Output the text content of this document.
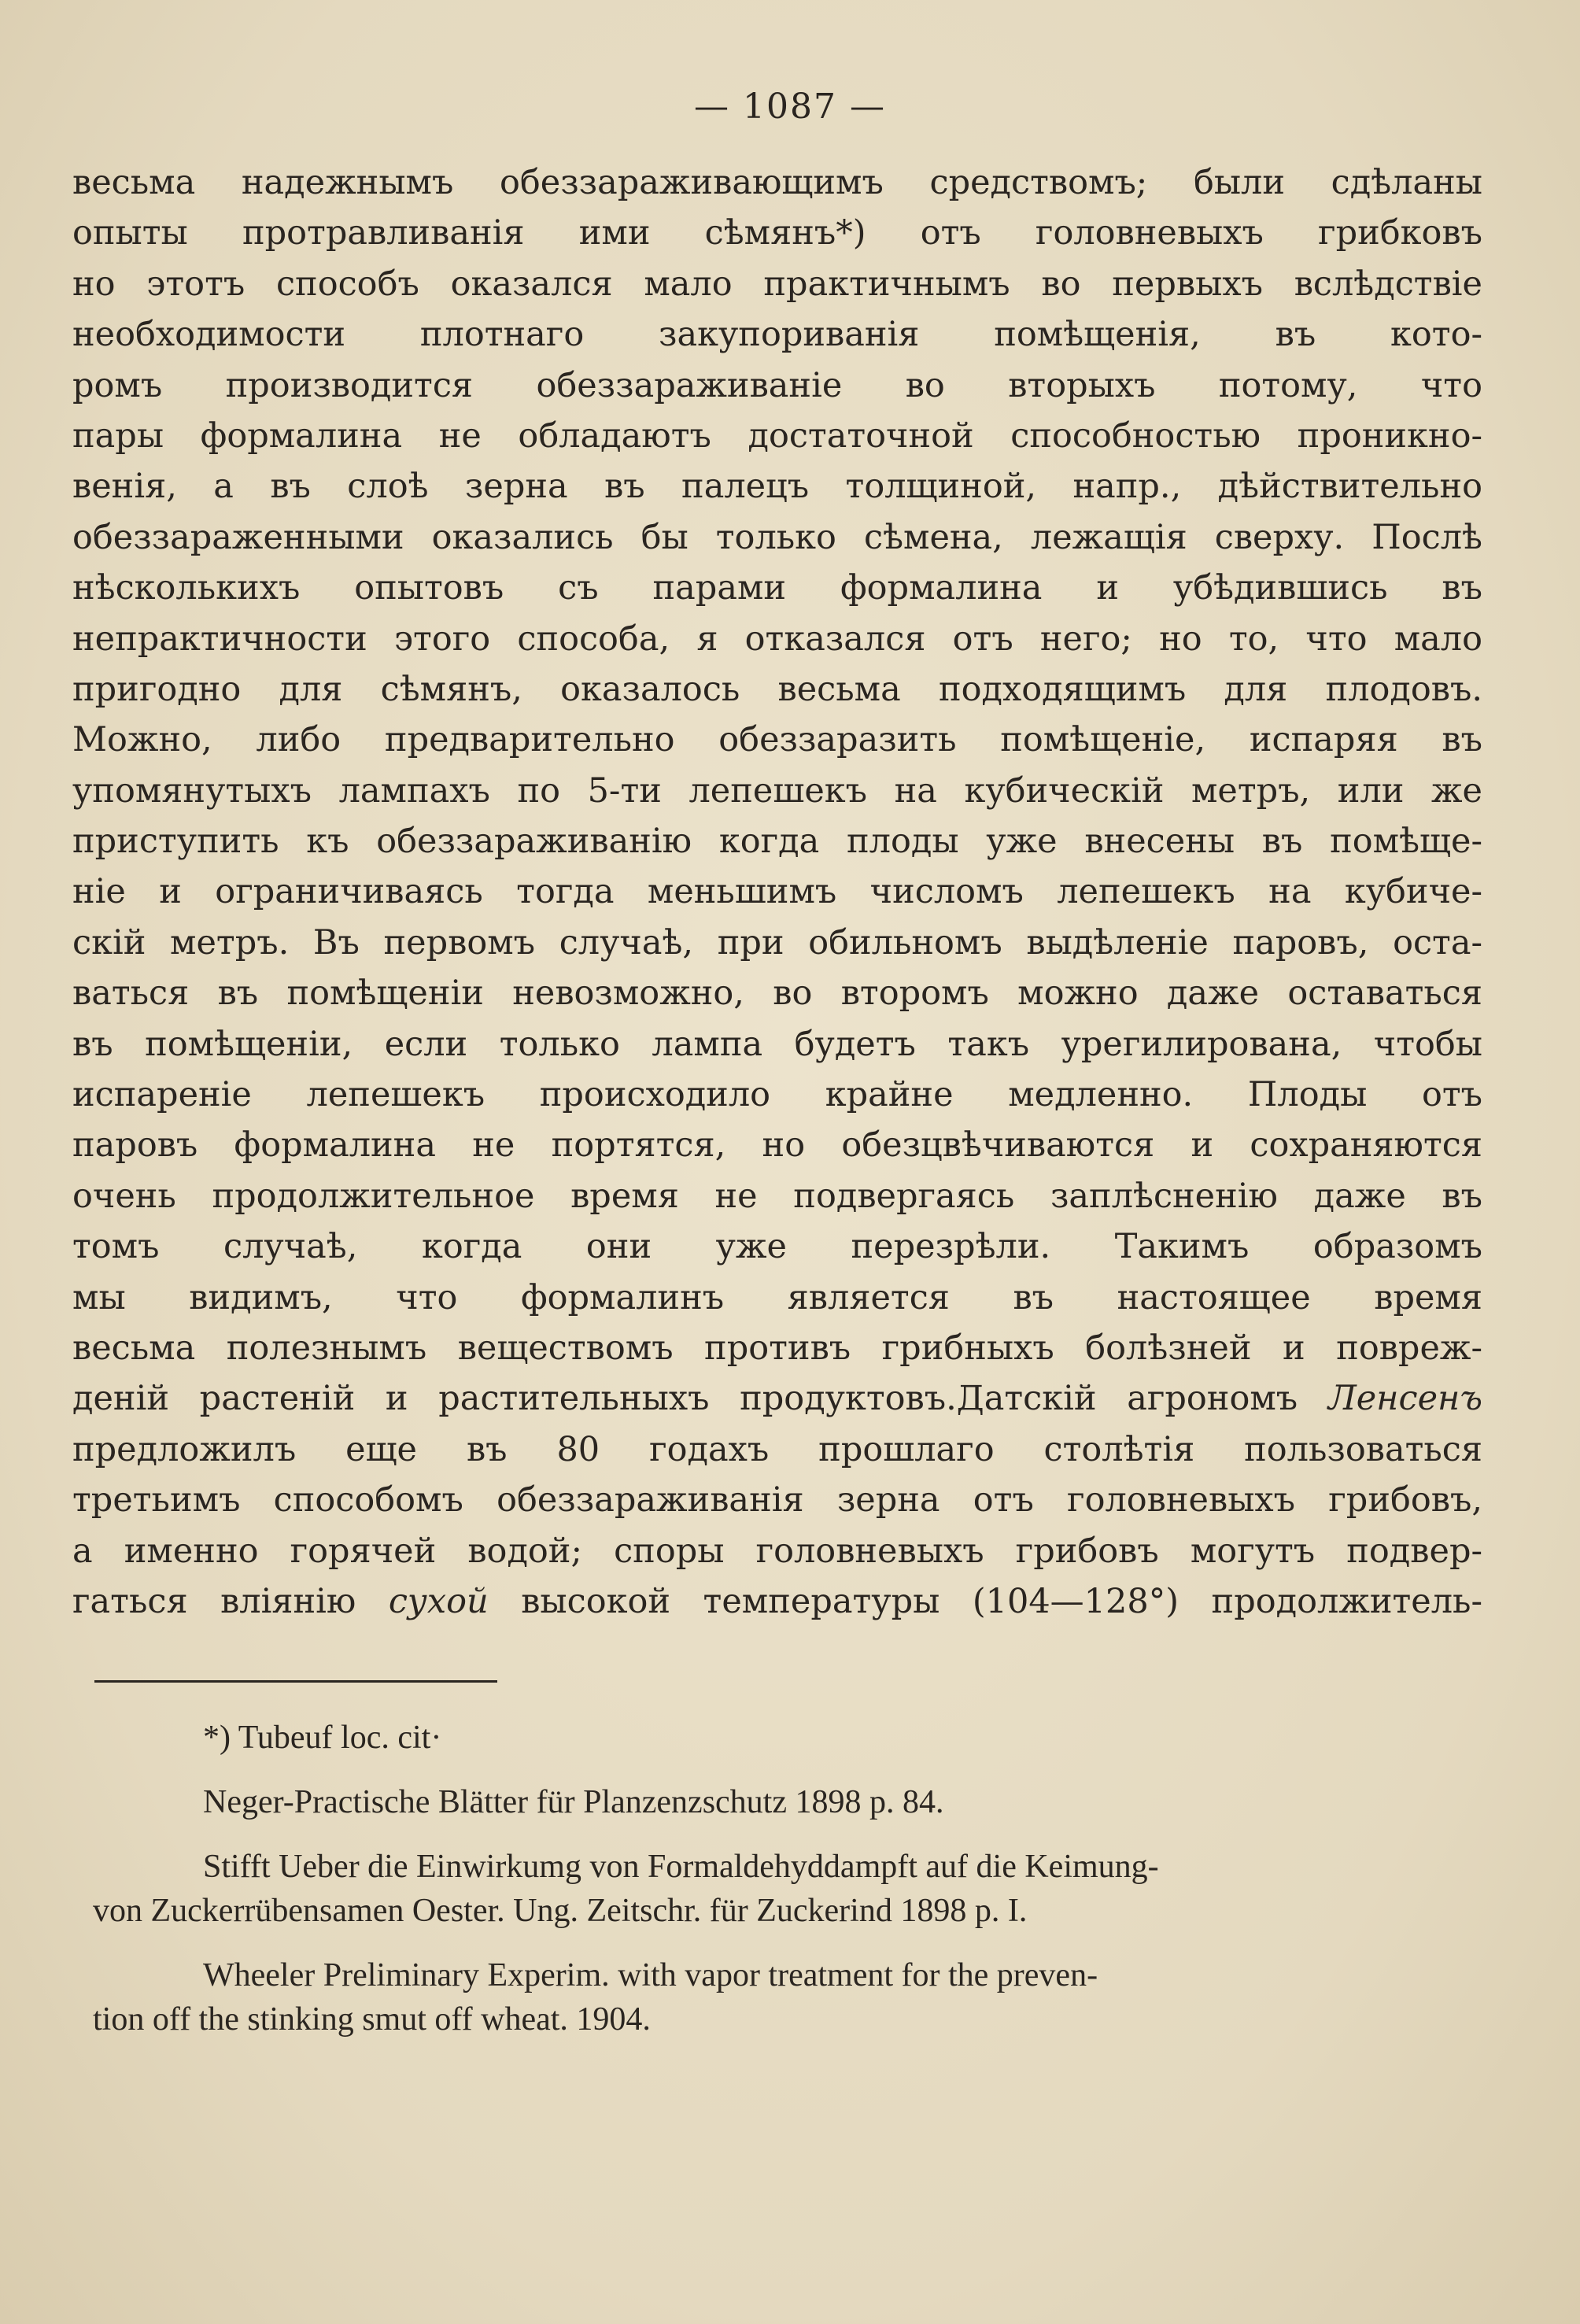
— 1087 —
весьма надежнымъ обеззараживающимъ средствомъ; были сдѣланы
опыты протравливанія ими сѣмянъ*) отъ головневыхъ грибковъ
но этотъ способъ оказался мало практичнымъ во первыхъ вслѣдствіе
необходимости плотнаго закупориванія помѣщенія, въ кото-
ромъ производится обеззараживаніе во вторыхъ потому, что
пары формалина не обладаютъ достаточной способностью проникно-
венія, а въ слоѣ зерна въ палецъ толщиной, напр., дѣйствительно
обеззараженными оказались бы только сѣмена, лежащія сверху. Послѣ
нѣсколькихъ опытовъ съ парами формалина и убѣдившись въ
непрактичности этого способа, я отказался отъ него; но то, что мало
пригодно для сѣмянъ, оказалось весьма подходящимъ для плодовъ.
Можно, либо предварительно обеззаразить помѣщеніе, испаряя въ
упомянутыхъ лампахъ по 5-ти лепешекъ на кубическій метръ, или же
приступить къ обеззараживанію когда плоды уже внесены въ помѣще-
ніе и ограничиваясь тогда меньшимъ числомъ лепешекъ на кубиче-
скій метръ. Въ первомъ случаѣ, при обильномъ выдѣленіе паровъ, оста-
ваться въ помѣщеніи невозможно, во второмъ можно даже оставаться
въ помѣщеніи, если только лампа будетъ такъ урегилирована, чтобы
испареніе лепешекъ происходило крайне медленно. Плоды отъ
паровъ формалина не портятся, но обезцвѣчиваются и сохраняются
очень продолжительное время не подвергаясь заплѣсненію даже въ
томъ случаѣ, когда они уже перезрѣли. Такимъ образомъ
мы видимъ, что формалинъ является въ настоящее время
весьма полезнымъ веществомъ противъ грибныхъ болѣзней и повреж-
деній растеній и растительныхъ продуктовъ.Датскій агрономъ Ленсенъ
предложилъ еще въ 80 годахъ прошлаго столѣтія пользоваться
третьимъ способомъ обеззараживанія зерна отъ головневыхъ грибовъ,
а именно горячей водой; споры головневыхъ грибовъ могутъ подвер-
гаться вліянію сухой высокой температуры (104—128°) продолжитель-
*) Tubeuf loc. cit·
Neger-Practische Blätter für Planzenzschutz 1898 p. 84.
Stifft Ueber die Einwirkumg von Formaldehyddampft auf die Keimung-
von Zuckerrübensamen Oester. Ung. Zeitschr. für Zuckerind 1898 p. I.
Wheeler Preliminary Experim. with vapor treatment for the preven-
tion off the stinking smut off wheat. 1904.
